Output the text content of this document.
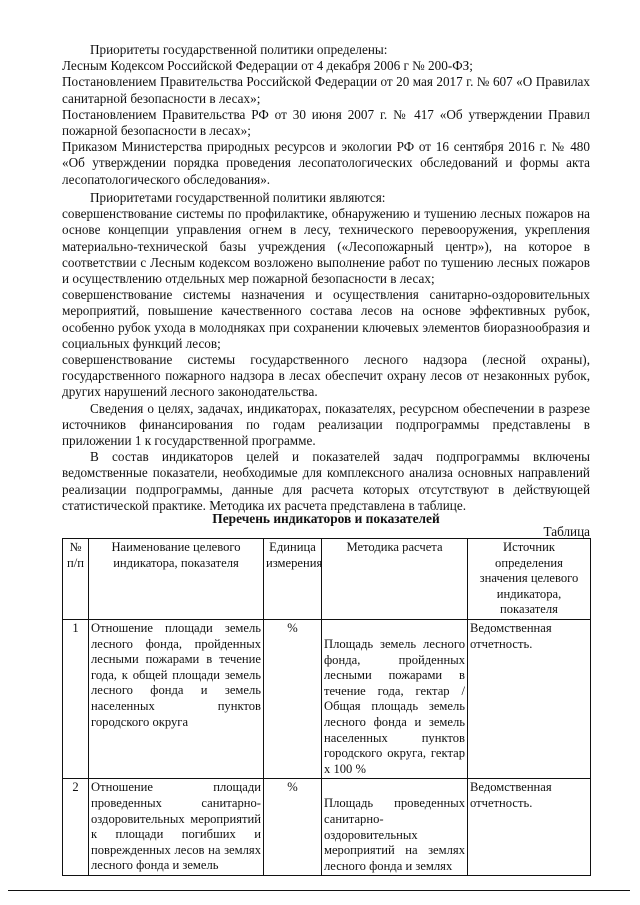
Приоритеты государственной политики определены:

Лесным Кодексом Российской Федерации от 4 декабря 2006 г № 200-ФЗ;

Постановлением Правительства Российской Федерации от 20 мая 2017 г. № 607 «О Правилах санитарной безопасности в лесах»;

Постановлением Правительства РФ от 30 июня 2007 г. № 417 «Об утверждении Правил пожарной безопасности в лесах»;

Приказом Министерства природных ресурсов и экологии РФ от 16 сентября 2016 г. № 480 «Об утверждении порядка проведения лесопатологических обследований и формы акта лесопатологического обследования».

Приоритетами государственной политики являются:

совершенствование системы по профилактике, обнаружению и тушению лесных пожаров на основе концепции управления огнем в лесу, технического перевооружения, укрепления материально-технической базы учреждения («Лесопожарный центр»), на которое в соответствии с Лесным кодексом возложено выполнение работ по тушению лесных пожаров и осуществлению отдельных мер пожарной безопасности в лесах;

совершенствование системы назначения и осуществления санитарно-оздоровительных мероприятий, повышение качественного состава лесов на основе эффективных рубок, особенно рубок ухода в молодняках при сохранении ключевых элементов биоразнообразия и социальных функций лесов;

совершенствование системы государственного лесного надзора (лесной охраны), государственного пожарного надзора в лесах обеспечит охрану лесов от незаконных рубок, других нарушений лесного законодательства.

Сведения о целях, задачах, индикаторах, показателях, ресурсном обеспечении в разрезе источников финансирования по годам реализации подпрограммы представлены в приложении 1 к государственной программе.

В состав индикаторов целей и показателей задач подпрограммы включены ведомственные показатели, необходимые для комплексного анализа основных направлений реализации подпрограммы, данные для расчета которых отсутствуют в действующей статистической практике. Методика их расчета представлена в таблице.

Перечень индикаторов и показателей
Таблица
№ п/п	Наименование целевого индикатора, показателя	Единица измерения	Методика расчета	Источник определения значения целевого индикатора, показателя
1	Отношение площади земель лесного фонда, пройденных лесными пожарами в течение года, к общей площади земель лесного фонда и земель населенных пунктов городского округа	%	Площадь земель лесного фонда, пройденных лесными пожарами в течение года, гектар / Общая площадь земель лесного фонда и земель населенных пунктов городского округа, гектар x 100 %	Ведомственная отчетность.
2	Отношение площади проведенных санитарно-оздоровительных мероприятий к площади погибших и поврежденных лесов на землях лесного фонда и земель	%	Площадь проведенных санитарно-оздоровительных мероприятий на землях лесного фонда и землях	Ведомственная отчетность.
